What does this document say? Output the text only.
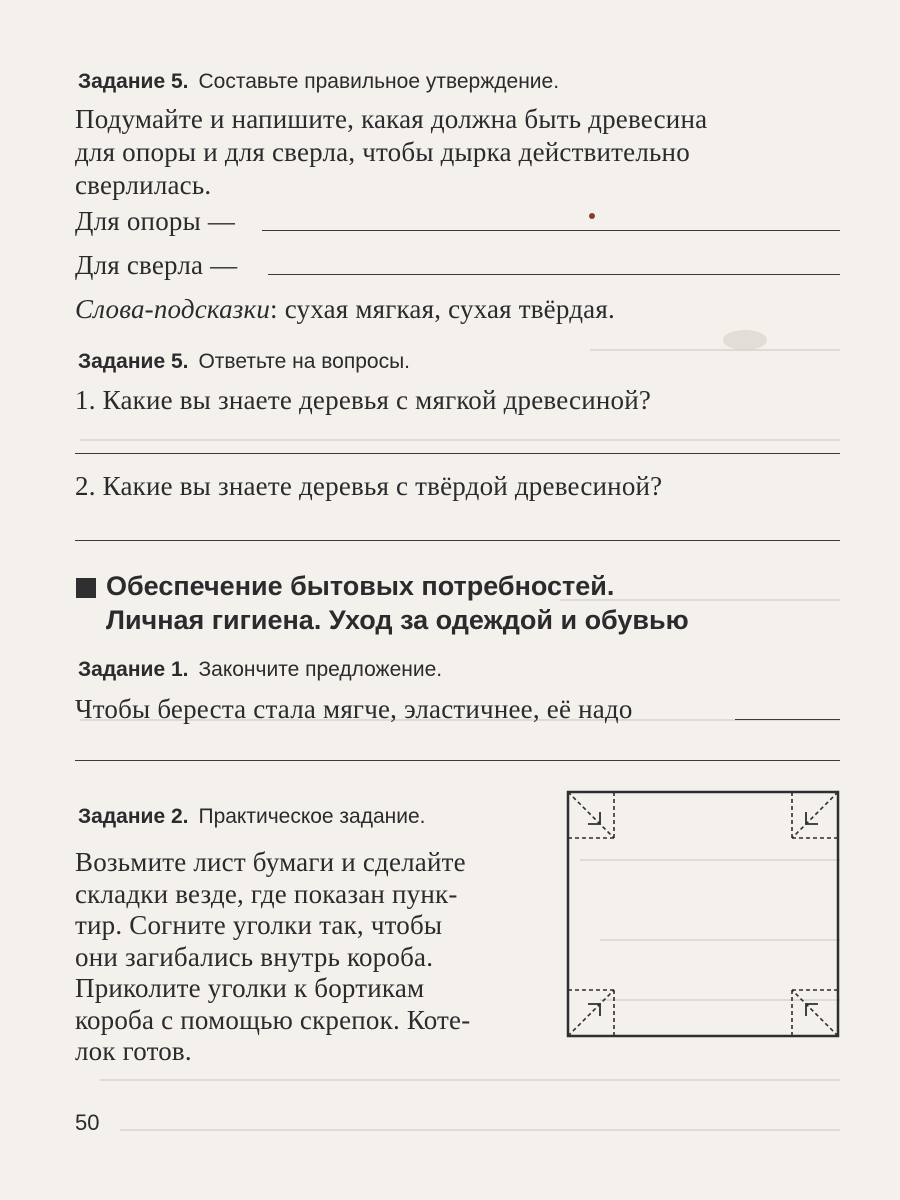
Задание 5. Составьте правильное утверждение.
Подумайте и напишите, какая должна быть древесина
для опоры и для сверла, чтобы дырка действительно
сверлилась.
Для опоры —
Для сверла —
Слова-подсказки: сухая мягкая, сухая твёрдая.
Задание 5. Ответьте на вопросы.
1. Какие вы знаете деревья с мягкой древесиной?
2. Какие вы знаете деревья с твёрдой древесиной?
Обеспечение бытовых потребностей.
Личная гигиена. Уход за одеждой и обувью
Задание 1. Закончите предложение.
Чтобы береста стала мягче, эластичнее, её надо
Задание 2. Практическое задание.
Возьмите лист бумаги и сделайте
складки везде, где показан пунк-
тир. Согните уголки так, чтобы
они загибались внутрь короба.
Приколите уголки к бортикам
короба с помощью скрепок. Коте-
лок готов.
50
